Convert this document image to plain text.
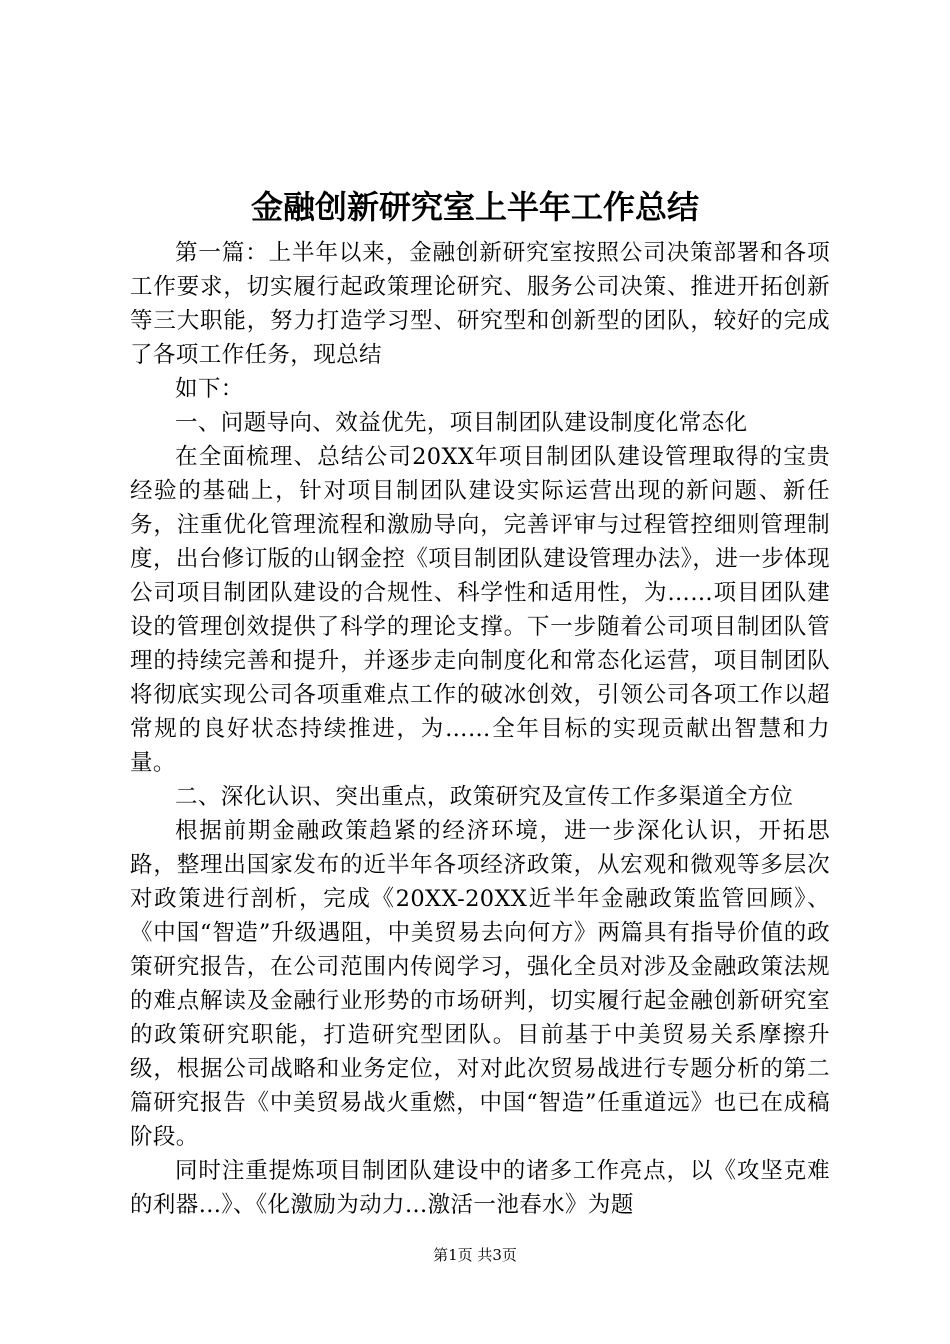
金融创新研究室上半年工作总结

第一篇：上半年以来，金融创新研究室按照公司决策部署和各项工作要求，切实履行起政策理论研究、服务公司决策、推进开拓创新等三大职能，努力打造学习型、研究型和创新型的团队，较好的完成了各项工作任务，现总结

如下：

一、问题导向、效益优先，项目制团队建设制度化常态化

在全面梳理、总结公司20XX年项目制团队建设管理取得的宝贵经验的基础上，针对项目制团队建设实际运营出现的新问题、新任务，注重优化管理流程和激励导向，完善评审与过程管控细则管理制度，出台修订版的山钢金控《项目制团队建设管理办法》，进一步体现公司项目制团队建设的合规性、科学性和适用性，为……项目团队建设的管理创效提供了科学的理论支撑。下一步随着公司项目制团队管理的持续完善和提升，并逐步走向制度化和常态化运营，项目制团队将彻底实现公司各项重难点工作的破冰创效，引领公司各项工作以超常规的良好状态持续推进，为……全年目标的实现贡献出智慧和力量。

二、深化认识、突出重点，政策研究及宣传工作多渠道全方位

根据前期金融政策趋紧的经济环境，进一步深化认识，开拓思路，整理出国家发布的近半年各项经济政策，从宏观和微观等多层次对政策进行剖析，完成《20XX-20XX近半年金融政策监管回顾》、《中国“智造”升级遇阻，中美贸易去向何方》两篇具有指导价值的政策研究报告，在公司范围内传阅学习，强化全员对涉及金融政策法规的难点解读及金融行业形势的市场研判，切实履行起金融创新研究室的政策研究职能，打造研究型团队。目前基于中美贸易关系摩擦升级，根据公司战略和业务定位，对对此次贸易战进行专题分析的第二篇研究报告《中美贸易战火重燃，中国“智造”任重道远》也已在成稿阶段。

同时注重提炼项目制团队建设中的诸多工作亮点，以《攻坚克难的利器...》、《化激励为动力...激活一池春水》为题

第1页 共3页
